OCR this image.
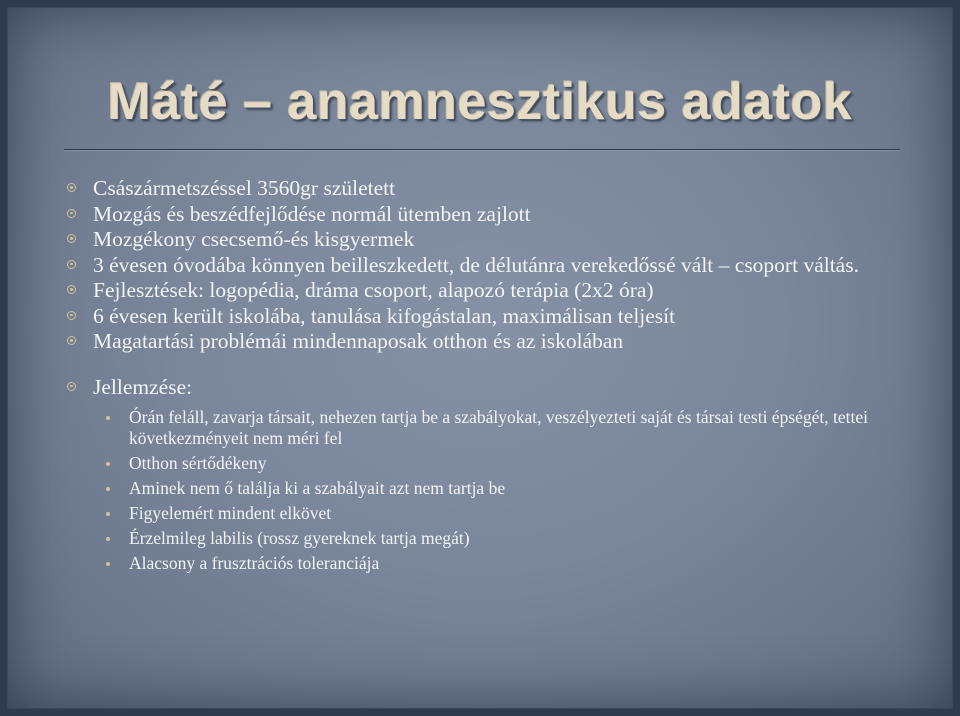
Máté – anamnesztikus adatok
Császármetszéssel 3560gr született
Mozgás és beszédfejlődése normál ütemben zajlott
Mozgékony csecsemő-és kisgyermek
3 évesen óvodába könnyen beilleszkedett, de délutánra verekedőssé vált – csoport váltás.
Fejlesztések: logopédia, dráma csoport, alapozó terápia (2x2 óra)
6 évesen került iskolába, tanulása kifogástalan, maximálisan teljesít
Magatartási problémái mindennaposak otthon és az iskolában
Jellemzése:
Órán feláll, zavarja társait, nehezen tartja be a szabályokat, veszélyezteti saját és társai testi épségét, tettei következményeit nem méri fel
Otthon sértődékeny
Aminek nem ő találja ki a szabályait azt nem tartja be
Figyelemért mindent elkövet
Érzelmileg labilis (rossz gyereknek tartja megát)
Alacsony a frusztrációs toleranciája
